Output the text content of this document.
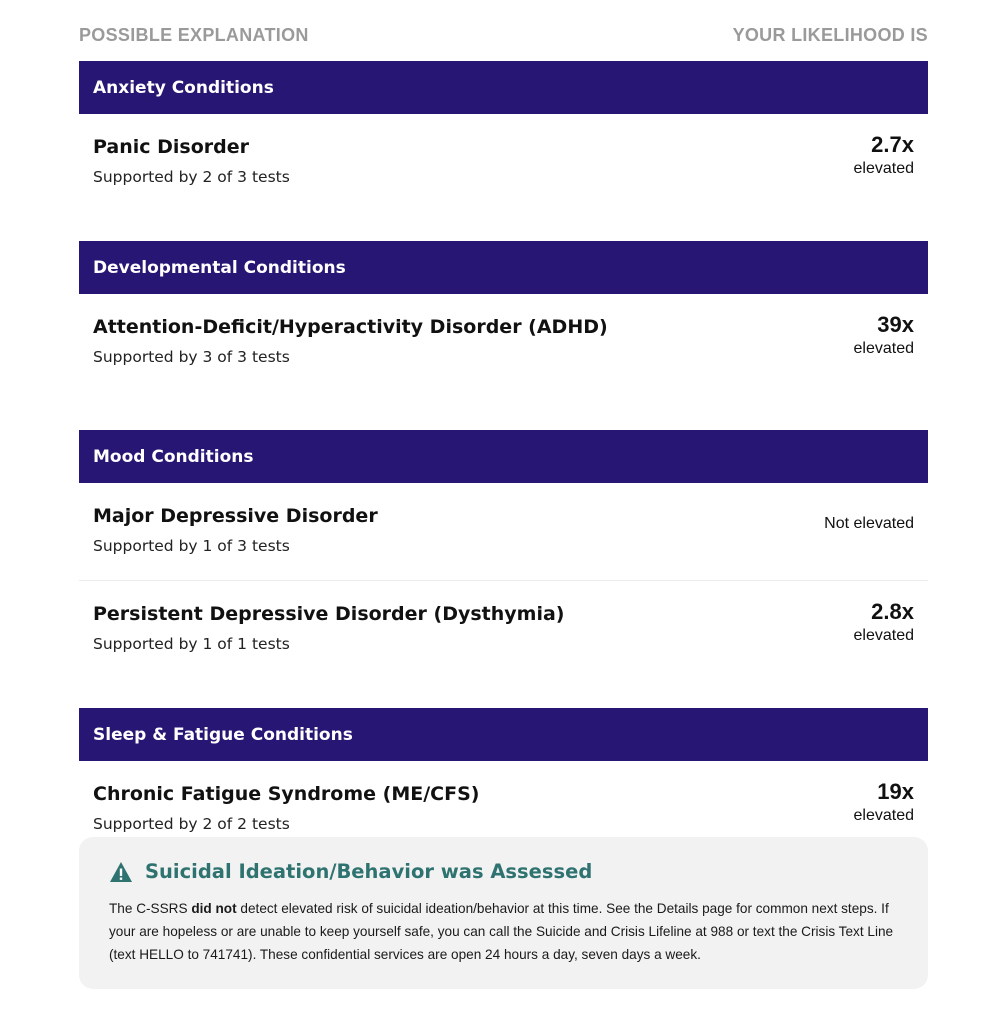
POSSIBLE EXPLANATION	YOUR LIKELIHOOD IS
Anxiety Conditions
Panic Disorder
Supported by 2 of 3 tests
2.7x
elevated
Developmental Conditions
Attention-Deficit/Hyperactivity Disorder (ADHD)
Supported by 3 of 3 tests
39x
elevated
Mood Conditions
Major Depressive Disorder
Supported by 1 of 3 tests
Not elevated
Persistent Depressive Disorder (Dysthymia)
Supported by 1 of 1 tests
2.8x
elevated
Sleep & Fatigue Conditions
Chronic Fatigue Syndrome (ME/CFS)
Supported by 2 of 2 tests
19x
elevated
Suicidal Ideation/Behavior was Assessed
The C-SSRS did not detect elevated risk of suicidal ideation/behavior at this time. See the Details page for common next steps. If your are hopeless or are unable to keep yourself safe, you can call the Suicide and Crisis Lifeline at 988 or text the Crisis Text Line (text HELLO to 741741). These confidential services are open 24 hours a day, seven days a week.
